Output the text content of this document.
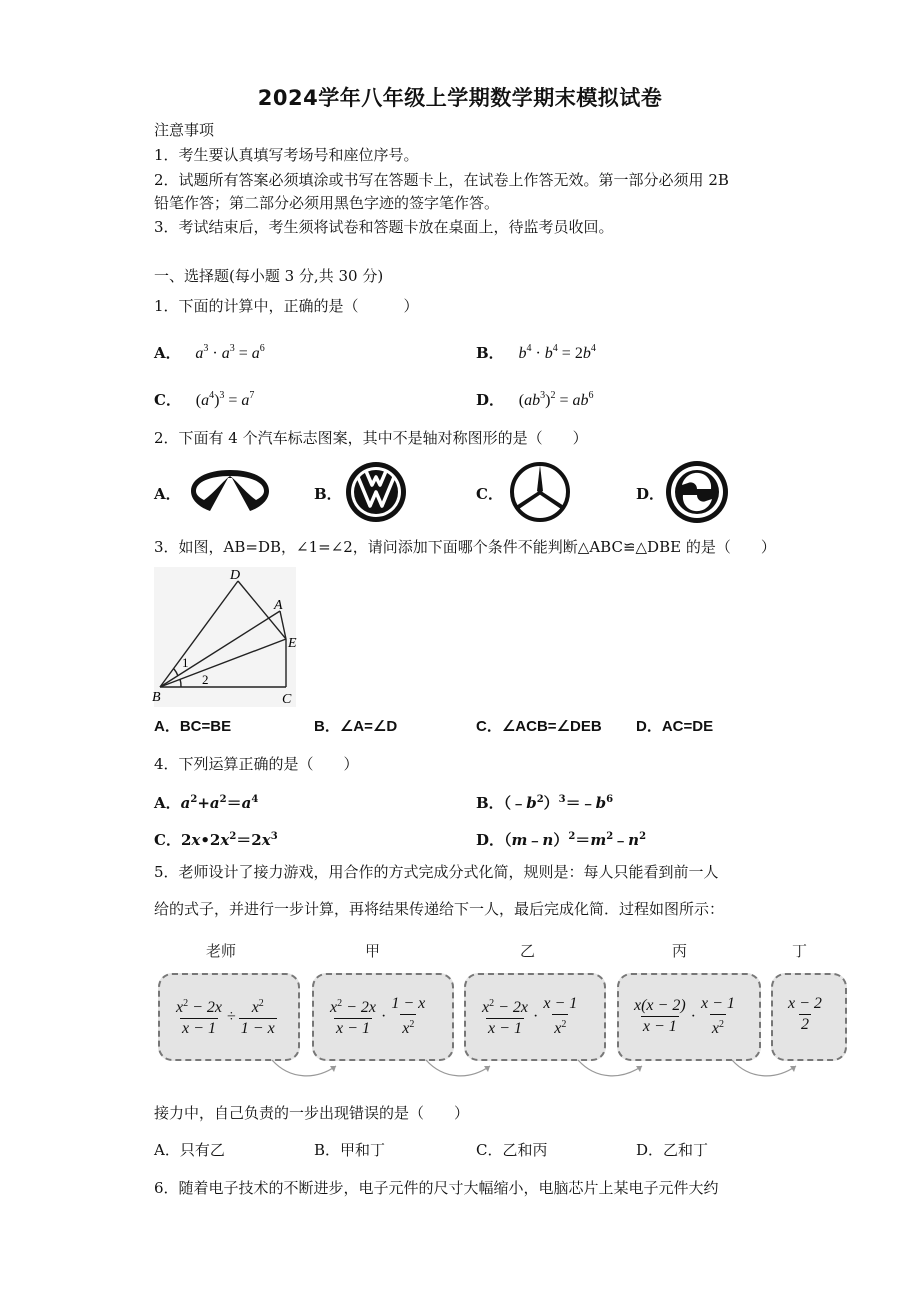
2024学年八年级上学期数学期末模拟试卷
注意事项
1．考生要认真填写考场号和座位序号。
2．试题所有答案必须填涂或书写在答题卡上，在试卷上作答无效。第一部分必须用 2B
铅笔作答；第二部分必须用黑色字迹的签字笔作答。
3．考试结束后，考生须将试卷和答题卡放在桌面上，待监考员收回。
一、选择题(每小题 3 分,共 30 分)
1．下面的计算中，正确的是（　　　）
A． $a^3 \cdot a^3 = a^6$	B． $b^4 \cdot b^4 = 2b^4$
C． $(a^4)^3 = a^7$	D． $(ab^3)^2 = ab^6$
2．下面有 4 个汽车标志图案，其中不是轴对称图形的是（　　）
A．	B．	C．	D．
3．如图，AB=DB，∠1=∠2，请问添加下面哪个条件不能判断△ABC≌△DBE 的是（　　）
D
A
E
B	C
1
2
A．BC=BE	B．∠A=∠D	C．∠ACB=∠DEB D．AC=DE
4．下列运算正确的是（　　）
A．$a^2+a^2=a^4$	B．$(﹣b^2)^3=﹣b^6$
C．$2x•2x^2=2x^3$	D．$(m﹣n)^2=m^2﹣n^2$
5．老师设计了接力游戏，用合作的方式完成分式化简，规则是：每人只能看到前一人
给的式子，并进行一步计算，再将结果传递给下一人，最后完成化简．过程如图所示：
老师	甲	乙	丙	丁
$\frac{x^2 - 2x}{x - 1} \div \frac{x^2}{1 - x}$	$\frac{x^2 - 2x}{x - 1} \cdot \frac{1 - x}{x^2}$	$\frac{x^2 - 2x}{x - 1} \cdot \frac{x - 1}{x^2}$	$\frac{x(x - 2)}{x - 1} \cdot \frac{x - 1}{x^2}$	$\frac{x - 2}{2}$
接力中，自己负责的一步出现错误的是（　　）
A．只有乙	B．甲和丁	C．乙和丙	D．乙和丁
6．随着电子技术的不断进步，电子元件的尺寸大幅缩小，电脑芯片上某电子元件大约
